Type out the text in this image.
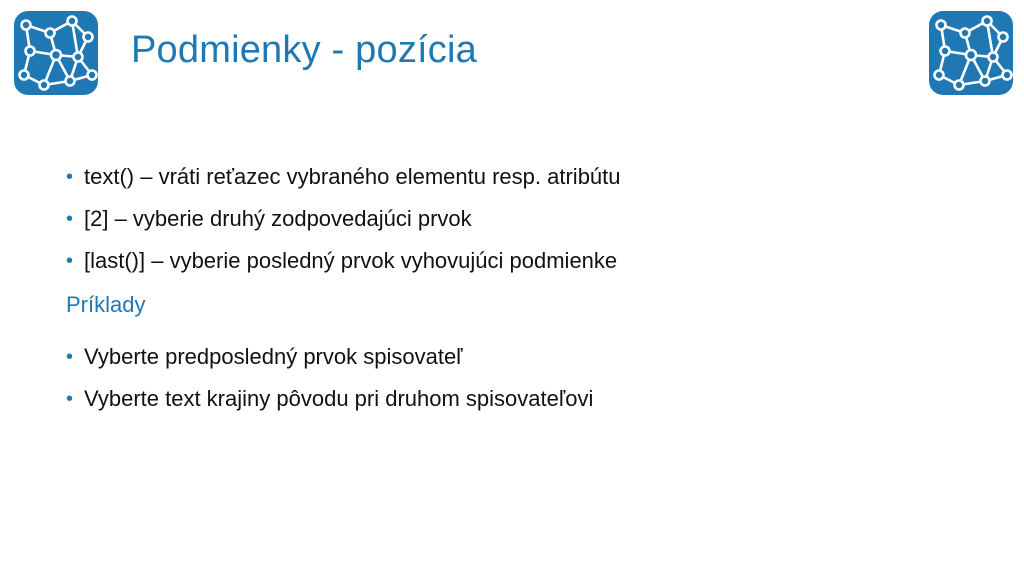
Podmienky - pozícia
• text() – vráti reťazec vybraného elementu resp. atribútu
• [2] – vyberie druhý zodpovedajúci prvok
• [last()] – vyberie posledný prvok vyhovujúci podmienke
Príklady
• Vyberte predposledný prvok spisovateľ
• Vyberte text krajiny pôvodu pri druhom spisovateľovi
